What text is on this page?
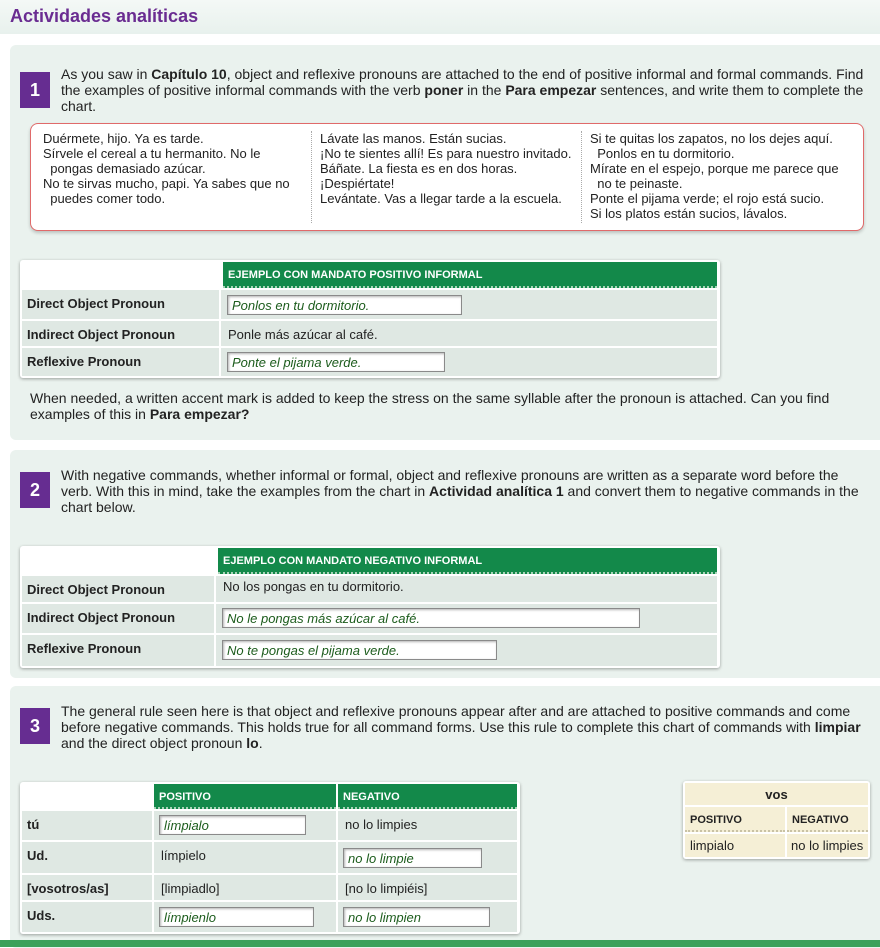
Actividades analíticas
1
As you saw in Capítulo 10, object and reflexive pronouns are attached to the end of positive informal and formal commands. Find the examples of positive informal commands with the verb poner in the Para empezar sentences, and write them to complete the chart.
Duérmete, hijo. Ya es tarde.
Sírvele el cereal a tu hermanito. No le
pongas demasiado azúcar.
No te sirvas mucho, papi. Ya sabes que no
puedes comer todo.
Lávate las manos. Están sucias.
¡No te sientes allí! Es para nuestro invitado.
Báñate. La fiesta es en dos horas.
¡Despiértate!
Levántate. Vas a llegar tarde a la escuela.
Si te quitas los zapatos, no los dejes aquí.
Ponlos en tu dormitorio.
Mírate en el espejo, porque me parece que
no te peinaste.
Ponte el pijama verde; el rojo está sucio.
Si los platos están sucios, lávalos.
EJEMPLO CON MANDATO POSITIVO INFORMAL
Direct Object Pronoun	Ponlos en tu dormitorio.
Indirect Object Pronoun	Ponle más azúcar al café.
Reflexive Pronoun	Ponte el pijama verde.
When needed, a written accent mark is added to keep the stress on the same syllable after the pronoun is attached. Can you find examples of this in Para empezar?
2
With negative commands, whether informal or formal, object and reflexive pronouns are written as a separate word before the verb. With this in mind, take the examples from the chart in Actividad analítica 1 and convert them to negative commands in the chart below.
EJEMPLO CON MANDATO NEGATIVO INFORMAL
Direct Object Pronoun	No los pongas en tu dormitorio.
Indirect Object Pronoun	No le pongas más azúcar al café.
Reflexive Pronoun	No te pongas el pijama verde.
3
The general rule seen here is that object and reflexive pronouns appear after and are attached to positive commands and come before negative commands. This holds true for all command forms. Use this rule to complete this chart of commands with limpiar and the direct object pronoun lo.
POSITIVO	NEGATIVO
tú	límpialo	no lo limpies
Ud.	límpielo	no lo limpie
[vosotros/as]	[limpiadlo]	[no lo limpiéis]
Uds.	límpienlo	no lo limpien
vos
POSITIVO	NEGATIVO
limpialo	no lo limpies
